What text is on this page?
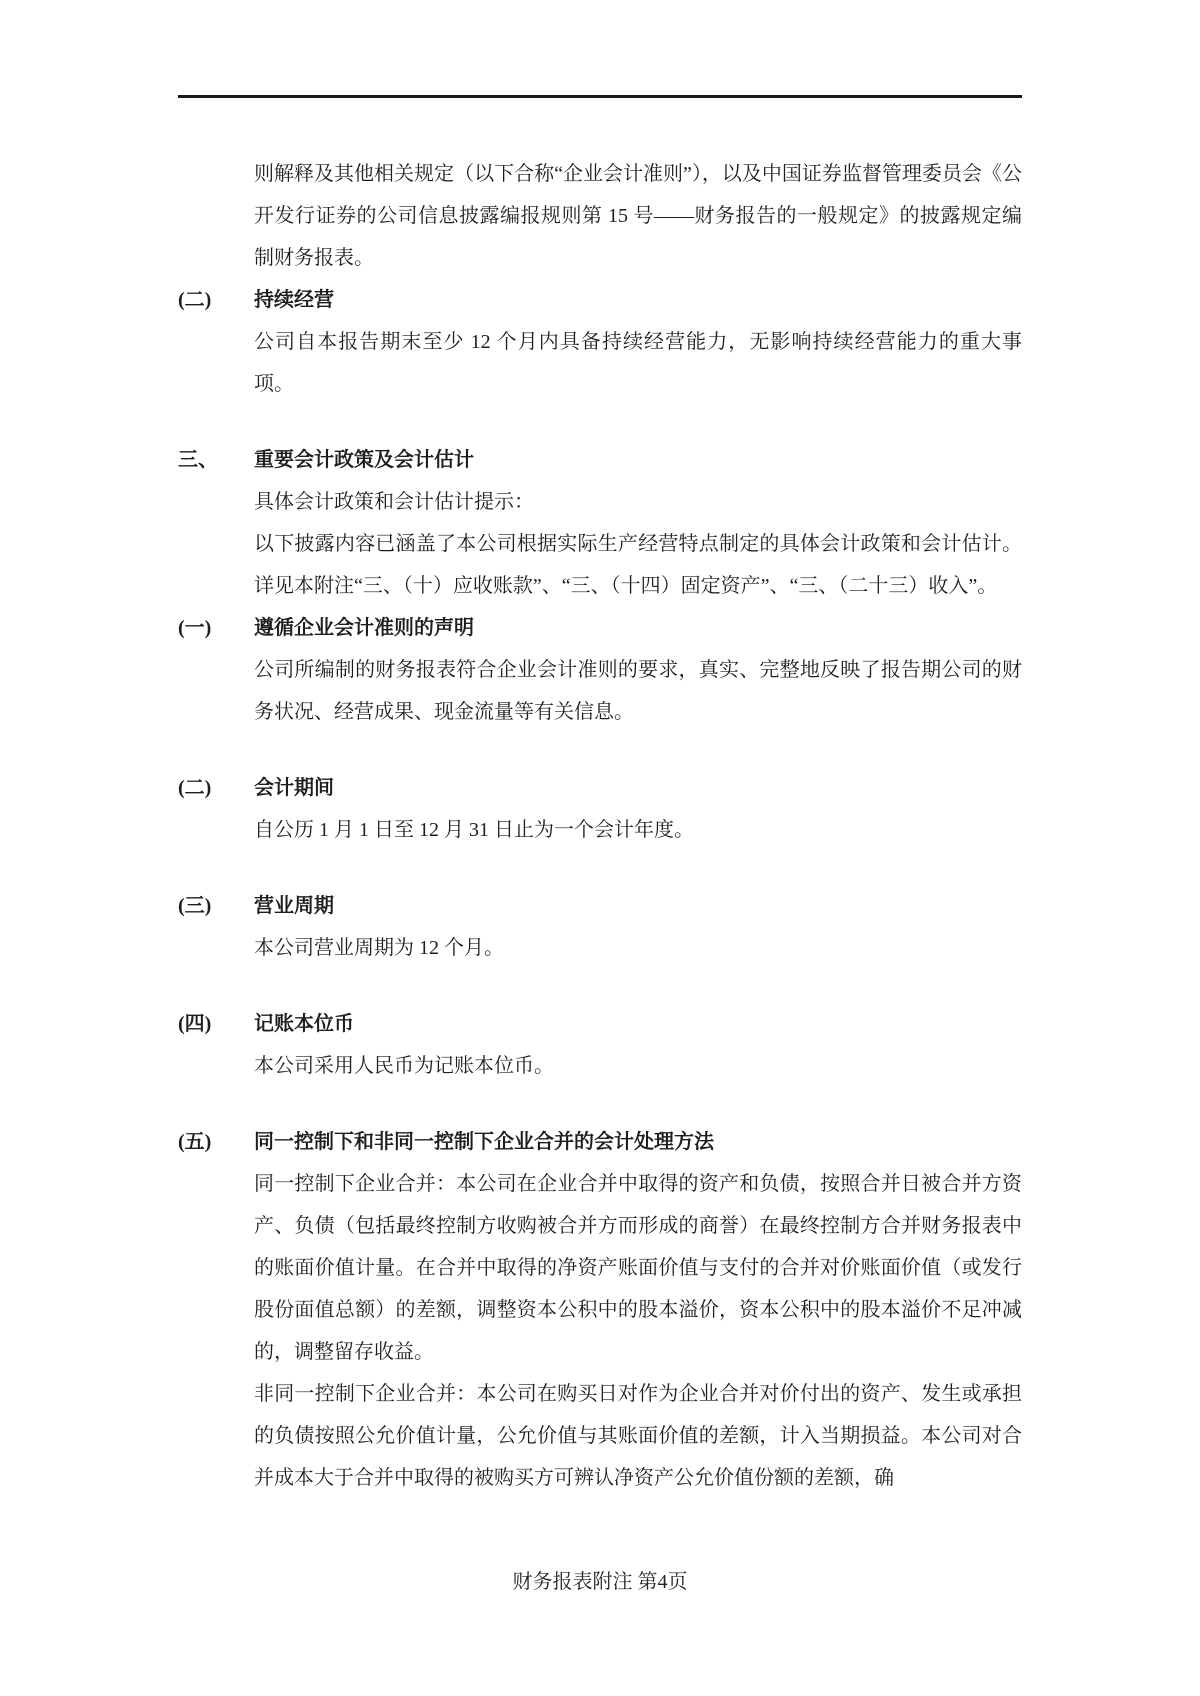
则解释及其他相关规定（以下合称“企业会计准则”），以及中国证券监督管理委员会《公开发行证券的公司信息披露编报规则第 15 号——财务报告的一般规定》的披露规定编制财务报表。

(二)	持续经营

公司自本报告期末至少 12 个月内具备持续经营能力，无影响持续经营能力的重大事项。

三、	重要会计政策及会计估计

具体会计政策和会计估计提示：

以下披露内容已涵盖了本公司根据实际生产经营特点制定的具体会计政策和会计估计。详见本附注“三、（十）应收账款”、“三、（十四）固定资产”、“三、（二十三）收入”。

(一)	遵循企业会计准则的声明

公司所编制的财务报表符合企业会计准则的要求，真实、完整地反映了报告期公司的财务状况、经营成果、现金流量等有关信息。

(二)	会计期间

自公历 1 月 1 日至 12 月 31 日止为一个会计年度。

(三)	营业周期

本公司营业周期为 12 个月。

(四)	记账本位币

本公司采用人民币为记账本位币。

(五)	同一控制下和非同一控制下企业合并的会计处理方法

同一控制下企业合并：本公司在企业合并中取得的资产和负债，按照合并日被合并方资产、负债（包括最终控制方收购被合并方而形成的商誉）在最终控制方合并财务报表中的账面价值计量。在合并中取得的净资产账面价值与支付的合并对价账面价值（或发行股份面值总额）的差额，调整资本公积中的股本溢价，资本公积中的股本溢价不足冲减的，调整留存收益。

非同一控制下企业合并：本公司在购买日对作为企业合并对价付出的资产、发生或承担的负债按照公允价值计量，公允价值与其账面价值的差额，计入当期损益。本公司对合并成本大于合并中取得的被购买方可辨认净资产公允价值份额的差额，确

财务报表附注 第4页
